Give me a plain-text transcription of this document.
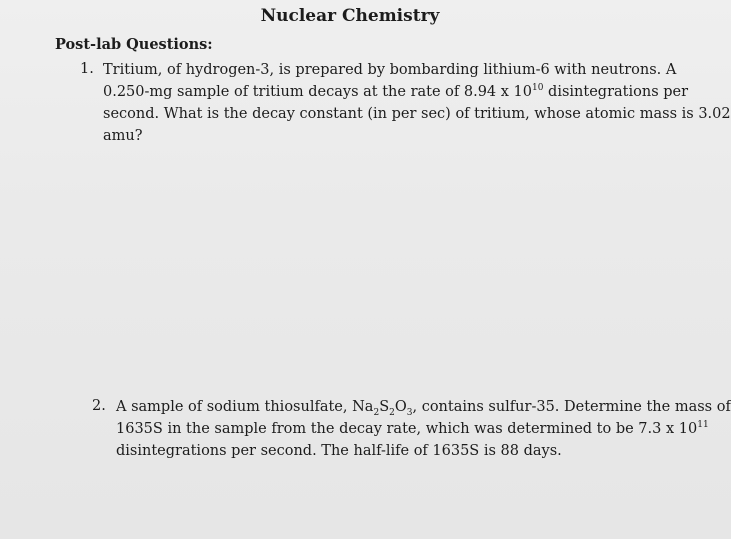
Nuclear Chemistry
Post-lab Questions:
1. Tritium, of hydrogen-3, is prepared by bombarding lithium-6 with neutrons. A
0.250-mg sample of tritium decays at the rate of 8.94 x $10^{10}$ disintegrations per
second. What is the decay constant (in per sec) of tritium, whose atomic mass is 3.02
amu?
2. A sample of sodium thiosulfate, $Na_2S_2O_3$, contains sulfur-35. Determine the mass of
1635S in the sample from the decay rate, which was determined to be 7.3 x $10^{11}$
disintegrations per second. The half-life of 1635S is 88 days.
